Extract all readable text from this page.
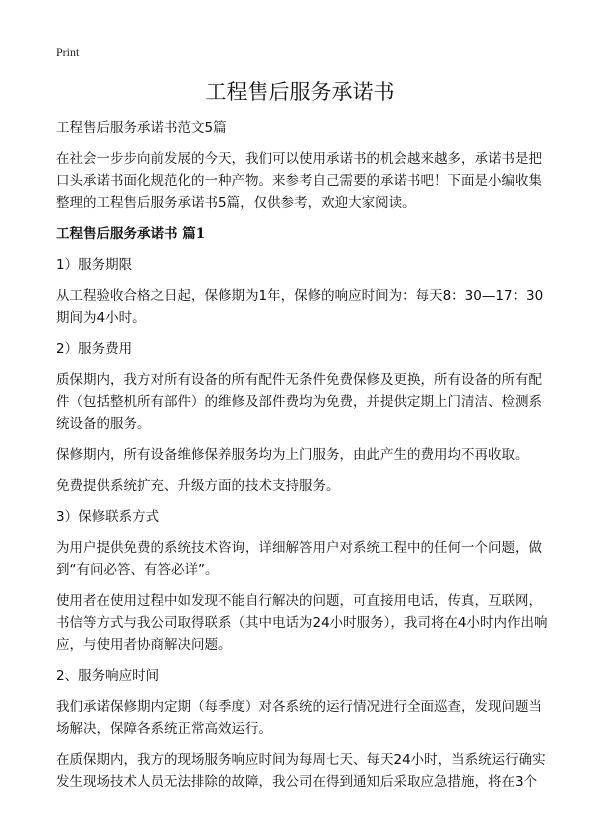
Print
工程售后服务承诺书

工程售后服务承诺书范文5篇

在社会一步步向前发展的今天，我们可以使用承诺书的机会越来越多，承诺书是把口头承诺书面化规范化的一种产物。来参考自己需要的承诺书吧！下面是小编收集整理的工程售后服务承诺书5篇，仅供参考，欢迎大家阅读。

工程售后服务承诺书 篇1

1）服务期限

从工程验收合格之日起，保修期为1年，保修的响应时间为：每天8：30—17：30期间为4小时。

2）服务费用

质保期内，我方对所有设备的所有配件无条件免费保修及更换，所有设备的所有配件（包括整机所有部件）的维修及部件费均为免费，并提供定期上门清洁、检测系统设备的服务。

保修期内，所有设备维修保养服务均为上门服务，由此产生的费用均不再收取。

免费提供系统扩充、升级方面的技术支持服务。

3）保修联系方式

为用户提供免费的系统技术咨询，详细解答用户对系统工程中的任何一个问题，做到“有问必答、有答必详”。

使用者在使用过程中如发现不能自行解决的问题，可直接用电话，传真，互联网，书信等方式与我公司取得联系（其中电话为24小时服务），我司将在4小时内作出响应，与使用者协商解决问题。

2、服务响应时间

我们承诺保修期内定期（每季度）对各系统的运行情况进行全面巡查，发现问题当场解决，保障各系统正常高效运行。

在质保期内，我方的现场服务响应时间为每周七天、每天24小时，当系统运行确实发生现场技术人员无法排除的故障，我公司在得到通知后采取应急措施，将在3个
